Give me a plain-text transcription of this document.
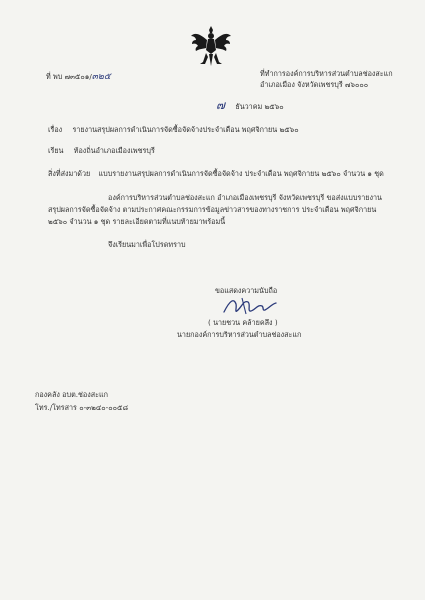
ที่ พบ ๗๓๕๐๑/๓๒๕	ที่ทำการองค์การบริหารส่วนตำบลช่องสะแก
อำเภอเมือง จังหวัดเพชรบุรี ๗๖๐๐๐
๗ ธันวาคม ๒๕๖๐
เรื่อง รายงานสรุปผลการดำเนินการจัดซื้อจัดจ้างประจำเดือน พฤศจิกายน ๒๕๖๐
เรียน ท้องถิ่นอำเภอเมืองเพชรบุรี
สิ่งที่ส่งมาด้วย แบบรายงานสรุปผลการดำเนินการจัดซื้อจัดจ้าง ประจำเดือน พฤศจิกายน ๒๕๖๐ จำนวน ๑ ชุด
องค์การบริหารส่วนตำบลช่องสะแก อำเภอเมืองเพชรบุรี จังหวัดเพชรบุรี ขอส่งแบบรายงาน
สรุปผลการจัดซื้อจัดจ้าง ตามประกาศคณะกรรมการข้อมูลข่าวสารของทางราชการ ประจำเดือน พฤศจิกายน
๒๕๖๐ จำนวน ๑ ชุด รายละเอียดตามที่แนบท้ายมาพร้อมนี้
จึงเรียนมาเพื่อโปรดทราบ
ขอแสดงความนับถือ
( นายชวน คล้ายคลึง )
นายกองค์การบริหารส่วนตำบลช่องสะแก
กองคลัง อบต.ช่องสะแก
โทร./โทรสาร ๐-๓๒๔๐-๐๐๕๘
